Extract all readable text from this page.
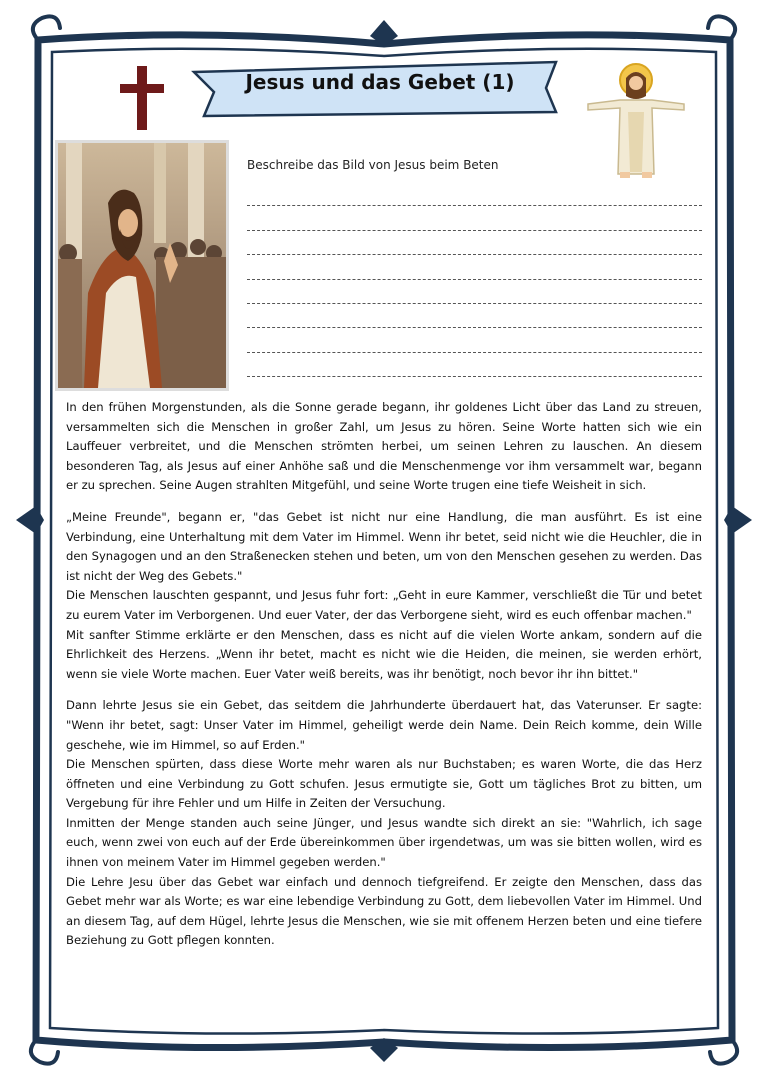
Jesus und das Gebet (1)
Beschreibe das Bild von Jesus beim Beten

In den frühen Morgenstunden, als die Sonne gerade begann, ihr goldenes Licht über das Land zu streuen, versammelten sich die Menschen in großer Zahl, um Jesus zu hören. Seine Worte hatten sich wie ein Lauffeuer verbreitet, und die Menschen strömten herbei, um seinen Lehren zu lauschen. An diesem besonderen Tag, als Jesus auf einer Anhöhe saß und die Menschenmenge vor ihm versammelt war, begann er zu sprechen. Seine Augen strahlten Mitgefühl, und seine Worte trugen eine tiefe Weisheit in sich.

„Meine Freunde", begann er, "das Gebet ist nicht nur eine Handlung, die man ausführt. Es ist eine Verbindung, eine Unterhaltung mit dem Vater im Himmel. Wenn ihr betet, seid nicht wie die Heuchler, die in den Synagogen und an den Straßenecken stehen und beten, um von den Menschen gesehen zu werden. Das ist nicht der Weg des Gebets."

Die Menschen lauschten gespannt, und Jesus fuhr fort: „Geht in eure Kammer, verschließt die Tür und betet zu eurem Vater im Verborgenen. Und euer Vater, der das Verborgene sieht, wird es euch offenbar machen."

Mit sanfter Stimme erklärte er den Menschen, dass es nicht auf die vielen Worte ankam, sondern auf die Ehrlichkeit des Herzens. „Wenn ihr betet, macht es nicht wie die Heiden, die meinen, sie werden erhört, wenn sie viele Worte machen. Euer Vater weiß bereits, was ihr benötigt, noch bevor ihr ihn bittet."

Dann lehrte Jesus sie ein Gebet, das seitdem die Jahrhunderte überdauert hat, das Vaterunser. Er sagte: "Wenn ihr betet, sagt: Unser Vater im Himmel, geheiligt werde dein Name. Dein Reich komme, dein Wille geschehe, wie im Himmel, so auf Erden."

Die Menschen spürten, dass diese Worte mehr waren als nur Buchstaben; es waren Worte, die das Herz öffneten und eine Verbindung zu Gott schufen. Jesus ermutigte sie, Gott um tägliches Brot zu bitten, um Vergebung für ihre Fehler und um Hilfe in Zeiten der Versuchung.

Inmitten der Menge standen auch seine Jünger, und Jesus wandte sich direkt an sie: "Wahrlich, ich sage euch, wenn zwei von euch auf der Erde übereinkommen über irgendetwas, um was sie bitten wollen, wird es ihnen von meinem Vater im Himmel gegeben werden."

Die Lehre Jesu über das Gebet war einfach und dennoch tiefgreifend. Er zeigte den Menschen, dass das Gebet mehr war als Worte; es war eine lebendige Verbindung zu Gott, dem liebevollen Vater im Himmel. Und an diesem Tag, auf dem Hügel, lehrte Jesus die Menschen, wie sie mit offenem Herzen beten und eine tiefere Beziehung zu Gott pflegen konnten.
